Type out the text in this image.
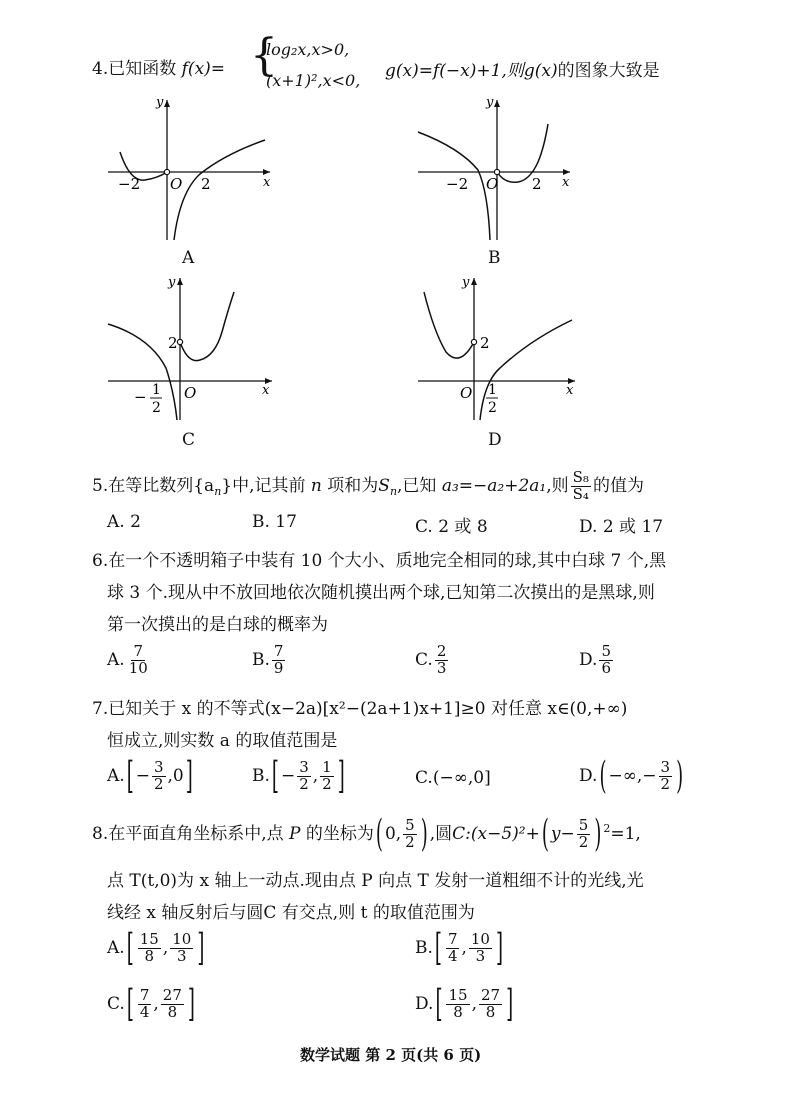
4.已知函数 f(x)= {
log₂x,x>0,
(x+1)²,x<0, g(x)=f(−x)+1,则g(x)的图象大致是
−2 O 2	x
y
A
−2 O 2 x
y
B
2
− 1
2
O	x
y
C
2
O 1
2
x
y
D
5.在等比数列$\{a_n\}$中,记其前 n 项和为$S_n$,已知 a₃=−a₂+2a₁,则 $\frac{\text{S₈}}{\text{S₄}}$ 的值为
A. 2	B. 17	C. 2 或 8	D. 2 或 17
6.在一个不透明箱子中装有 10 个大小、质地完全相同的球,其中白球 7 个,黑
球 3 个.现从中不放回地依次随机摸出两个球,已知第二次摸出的是黑球,则
第一次摸出的是白球的概率为
A. $\frac{7}{10}$	B. $\frac{7}{9}$	C. $\frac{2}{3}$	D. $\frac{5}{6}$
7.已知关于 x 的不等式(x−2a)[x²−(2a+1)x+1]≥0 对任意 x∈(0,+∞)
恒成立,则实数 a 的取值范围是
A. [ − $\frac{3}{2} ,0$ ]	B. [ − $\frac{3}{2}$ , $\frac{1}{2}$ ]	C.(−∞,0]	D. ( −∞,− $\frac{3}{2}$ )
8.在平面直角坐标系中,点 P 的坐标为 ( 0, $\frac{5}{2}$ ) ,圆C:(x−5)²+ ( $y- \frac{5}{2}$ ) $^2$=1,
点 T(t,0)为 x 轴上一动点.现由点 P 向点 T 发射一道粗细不计的光线,光
线经 x 轴反射后与圆C 有交点,则 t 的取值范围为
A. [ $\frac{15}{8}$ , $\frac{10}{3}$ ]	B. [ $\frac{7}{4}$ , $\frac{10}{3}$ ]
C. [ $\frac{7}{4}$ , $\frac{27}{8}$ ]	D. [ $\frac{15}{8}$ , $\frac{27}{8}$ ]
数学试题 第 2 页(共 6 页)
